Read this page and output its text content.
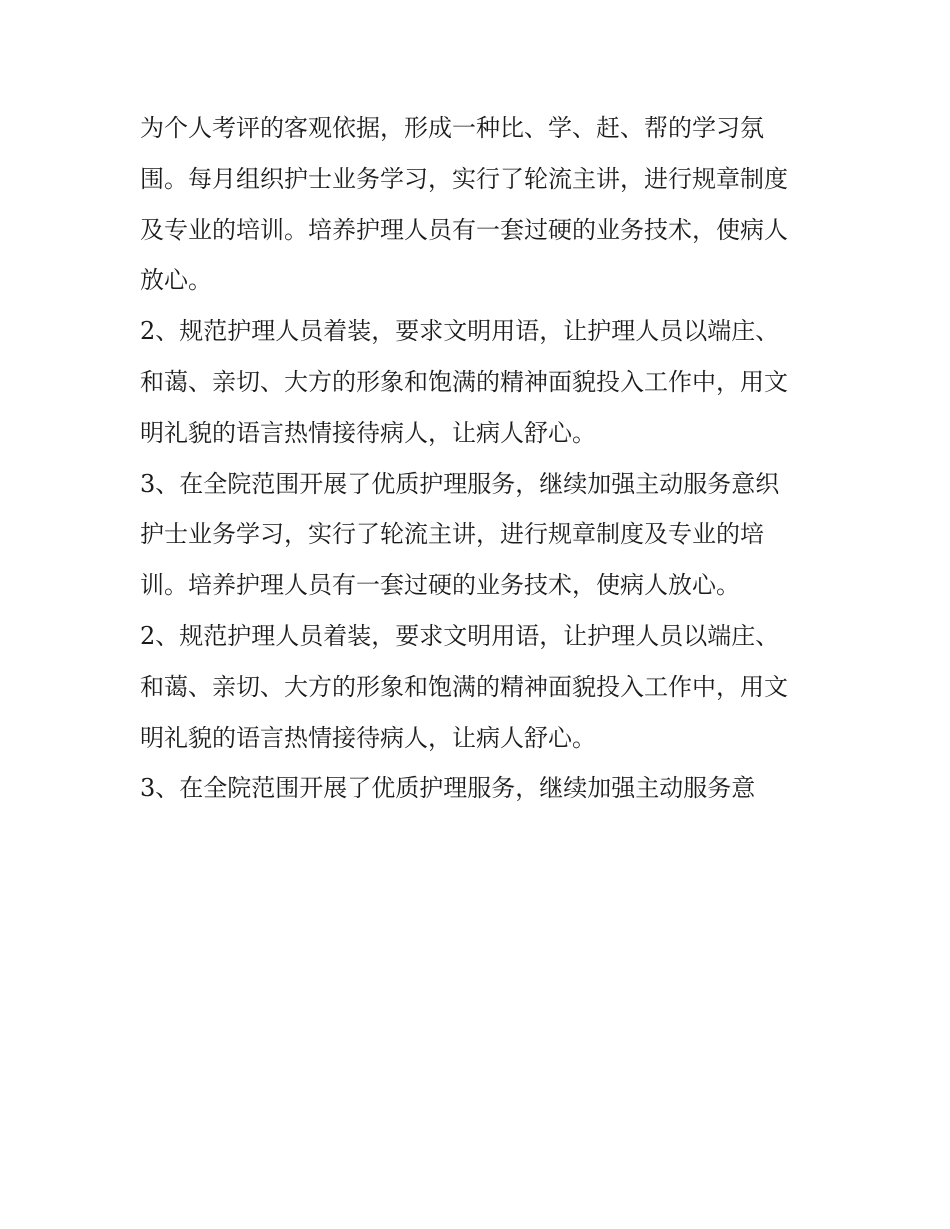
为个人考评的客观依据，形成一种比、学、赶、帮的学习氛

围。每月组织护士业务学习，实行了轮流主讲，进行规章制度

及专业的培训。培养护理人员有一套过硬的业务技术，使病人

放心。

2、规范护理人员着装，要求文明用语，让护理人员以端庄、

和蔼、亲切、大方的形象和饱满的精神面貌投入工作中，用文

明礼貌的语言热情接待病人，让病人舒心。

3、在全院范围开展了优质护理服务，继续加强主动服务意织

护士业务学习，实行了轮流主讲，进行规章制度及专业的培

训。培养护理人员有一套过硬的业务技术，使病人放心。

2、规范护理人员着装，要求文明用语，让护理人员以端庄、

和蔼、亲切、大方的形象和饱满的精神面貌投入工作中，用文

明礼貌的语言热情接待病人，让病人舒心。

3、在全院范围开展了优质护理服务，继续加强主动服务意
